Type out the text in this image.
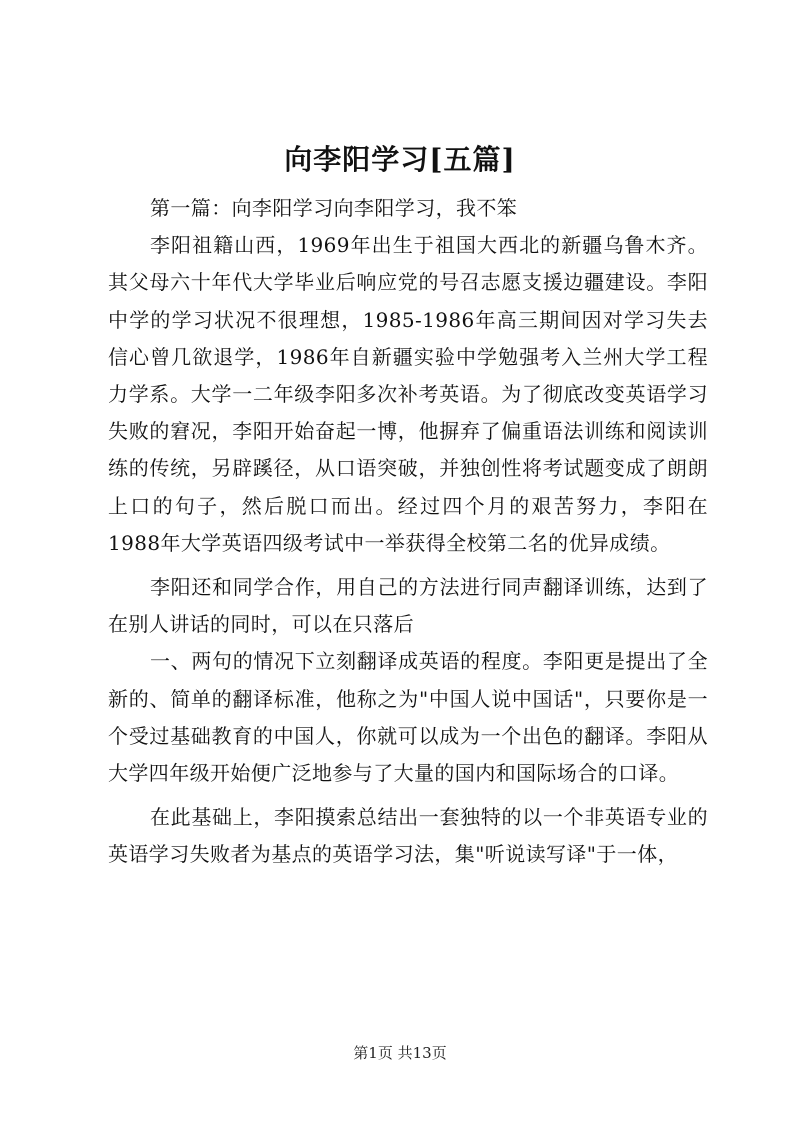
向李阳学习[五篇]

第一篇：向李阳学习向李阳学习，我不笨

李阳祖籍山西，1969年出生于祖国大西北的新疆乌鲁木齐。其父母六十年代大学毕业后响应党的号召志愿支援边疆建设。李阳中学的学习状况不很理想，1985-1986年高三期间因对学习失去信心曾几欲退学，1986年自新疆实验中学勉强考入兰州大学工程力学系。大学一二年级李阳多次补考英语。为了彻底改变英语学习失败的窘况，李阳开始奋起一博，他摒弃了偏重语法训练和阅读训练的传统，另辟蹊径，从口语突破，并独创性将考试题变成了朗朗上口的句子，然后脱口而出。经过四个月的艰苦努力，李阳在1988年大学英语四级考试中一举获得全校第二名的优异成绩。

李阳还和同学合作，用自己的方法进行同声翻译训练，达到了在别人讲话的同时，可以在只落后

一、两句的情况下立刻翻译成英语的程度。李阳更是提出了全新的、简单的翻译标准，他称之为"中国人说中国话"，只要你是一个受过基础教育的中国人，你就可以成为一个出色的翻译。李阳从大学四年级开始便广泛地参与了大量的国内和国际场合的口译。

在此基础上，李阳摸索总结出一套独特的以一个非英语专业的英语学习失败者为基点的英语学习法，集"听说读写译"于一体，

第1页 共13页
